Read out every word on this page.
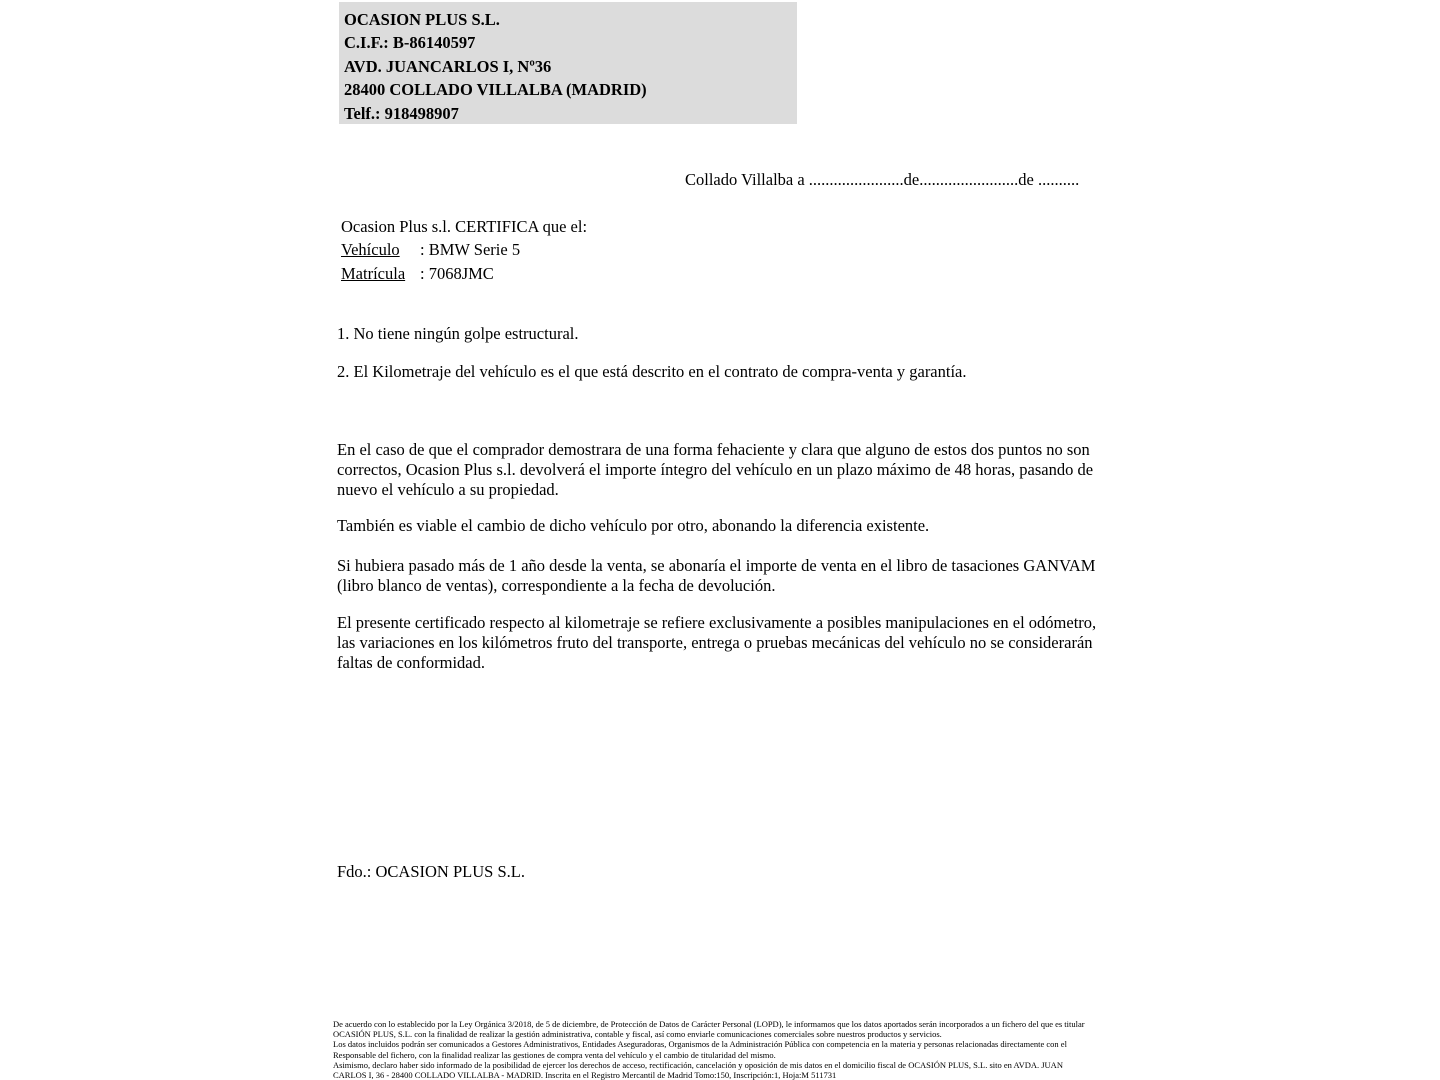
OCASION PLUS S.L.
C.I.F.: B-86140597
AVD. JUANCARLOS I, Nº36
28400 COLLADO VILLALBA (MADRID)
Telf.: 918498907
Collado Villalba a .......................de........................de ..........
Ocasion Plus s.l. CERTIFICA que el:
Vehículo : BMW Serie 5
Matrícula : 7068JMC
1. No tiene ningún golpe estructural.
2. El Kilometraje del vehículo es el que está descrito en el contrato de compra-venta y garantía.
En el caso de que el comprador demostrara de una forma fehaciente y clara que alguno de estos dos puntos no son correctos, Ocasion Plus s.l. devolverá el importe íntegro del vehículo en un plazo máximo de 48 horas, pasando de nuevo el vehículo a su propiedad.
También es viable el cambio de dicho vehículo por otro, abonando la diferencia existente.
Si hubiera pasado más de 1 año desde la venta, se abonaría el importe de venta en el libro de tasaciones GANVAM (libro blanco de ventas), correspondiente a la fecha de devolución.
El presente certificado respecto al kilometraje se refiere exclusivamente a posibles manipulaciones en el odómetro, las variaciones en los kilómetros fruto del transporte, entrega o pruebas mecánicas del vehículo no se considerarán faltas de conformidad.
Fdo.: OCASION PLUS S.L.
De acuerdo con lo establecido por la Ley Orgánica 3/2018, de 5 de diciembre, de Protección de Datos de Carácter Personal (LOPD), le informamos que los datos aportados serán incorporados a un fichero del que es titular
OCASIÓN PLUS, S.L. con la finalidad de realizar la gestión administrativa, contable y fiscal, así como enviarle comunicaciones comerciales sobre nuestros productos y servicios.
Los datos incluidos podrán ser comunicados a Gestores Administrativos, Entidades Aseguradoras, Organismos de la Administración Pública con competencia en la materia y personas relacionadas directamente con el
Responsable del fichero, con la finalidad realizar las gestiones de compra venta del vehículo y el cambio de titularidad del mismo.
Asimismo, declaro haber sido informado de la posibilidad de ejercer los derechos de acceso, rectificación, cancelación y oposición de mis datos en el domicilio fiscal de OCASIÓN PLUS, S.L. sito en AVDA. JUAN
CARLOS I, 36 - 28400 COLLADO VILLALBA - MADRID. Inscrita en el Registro Mercantil de Madrid Tomo:150, Inscripción:1, Hoja:M 511731
